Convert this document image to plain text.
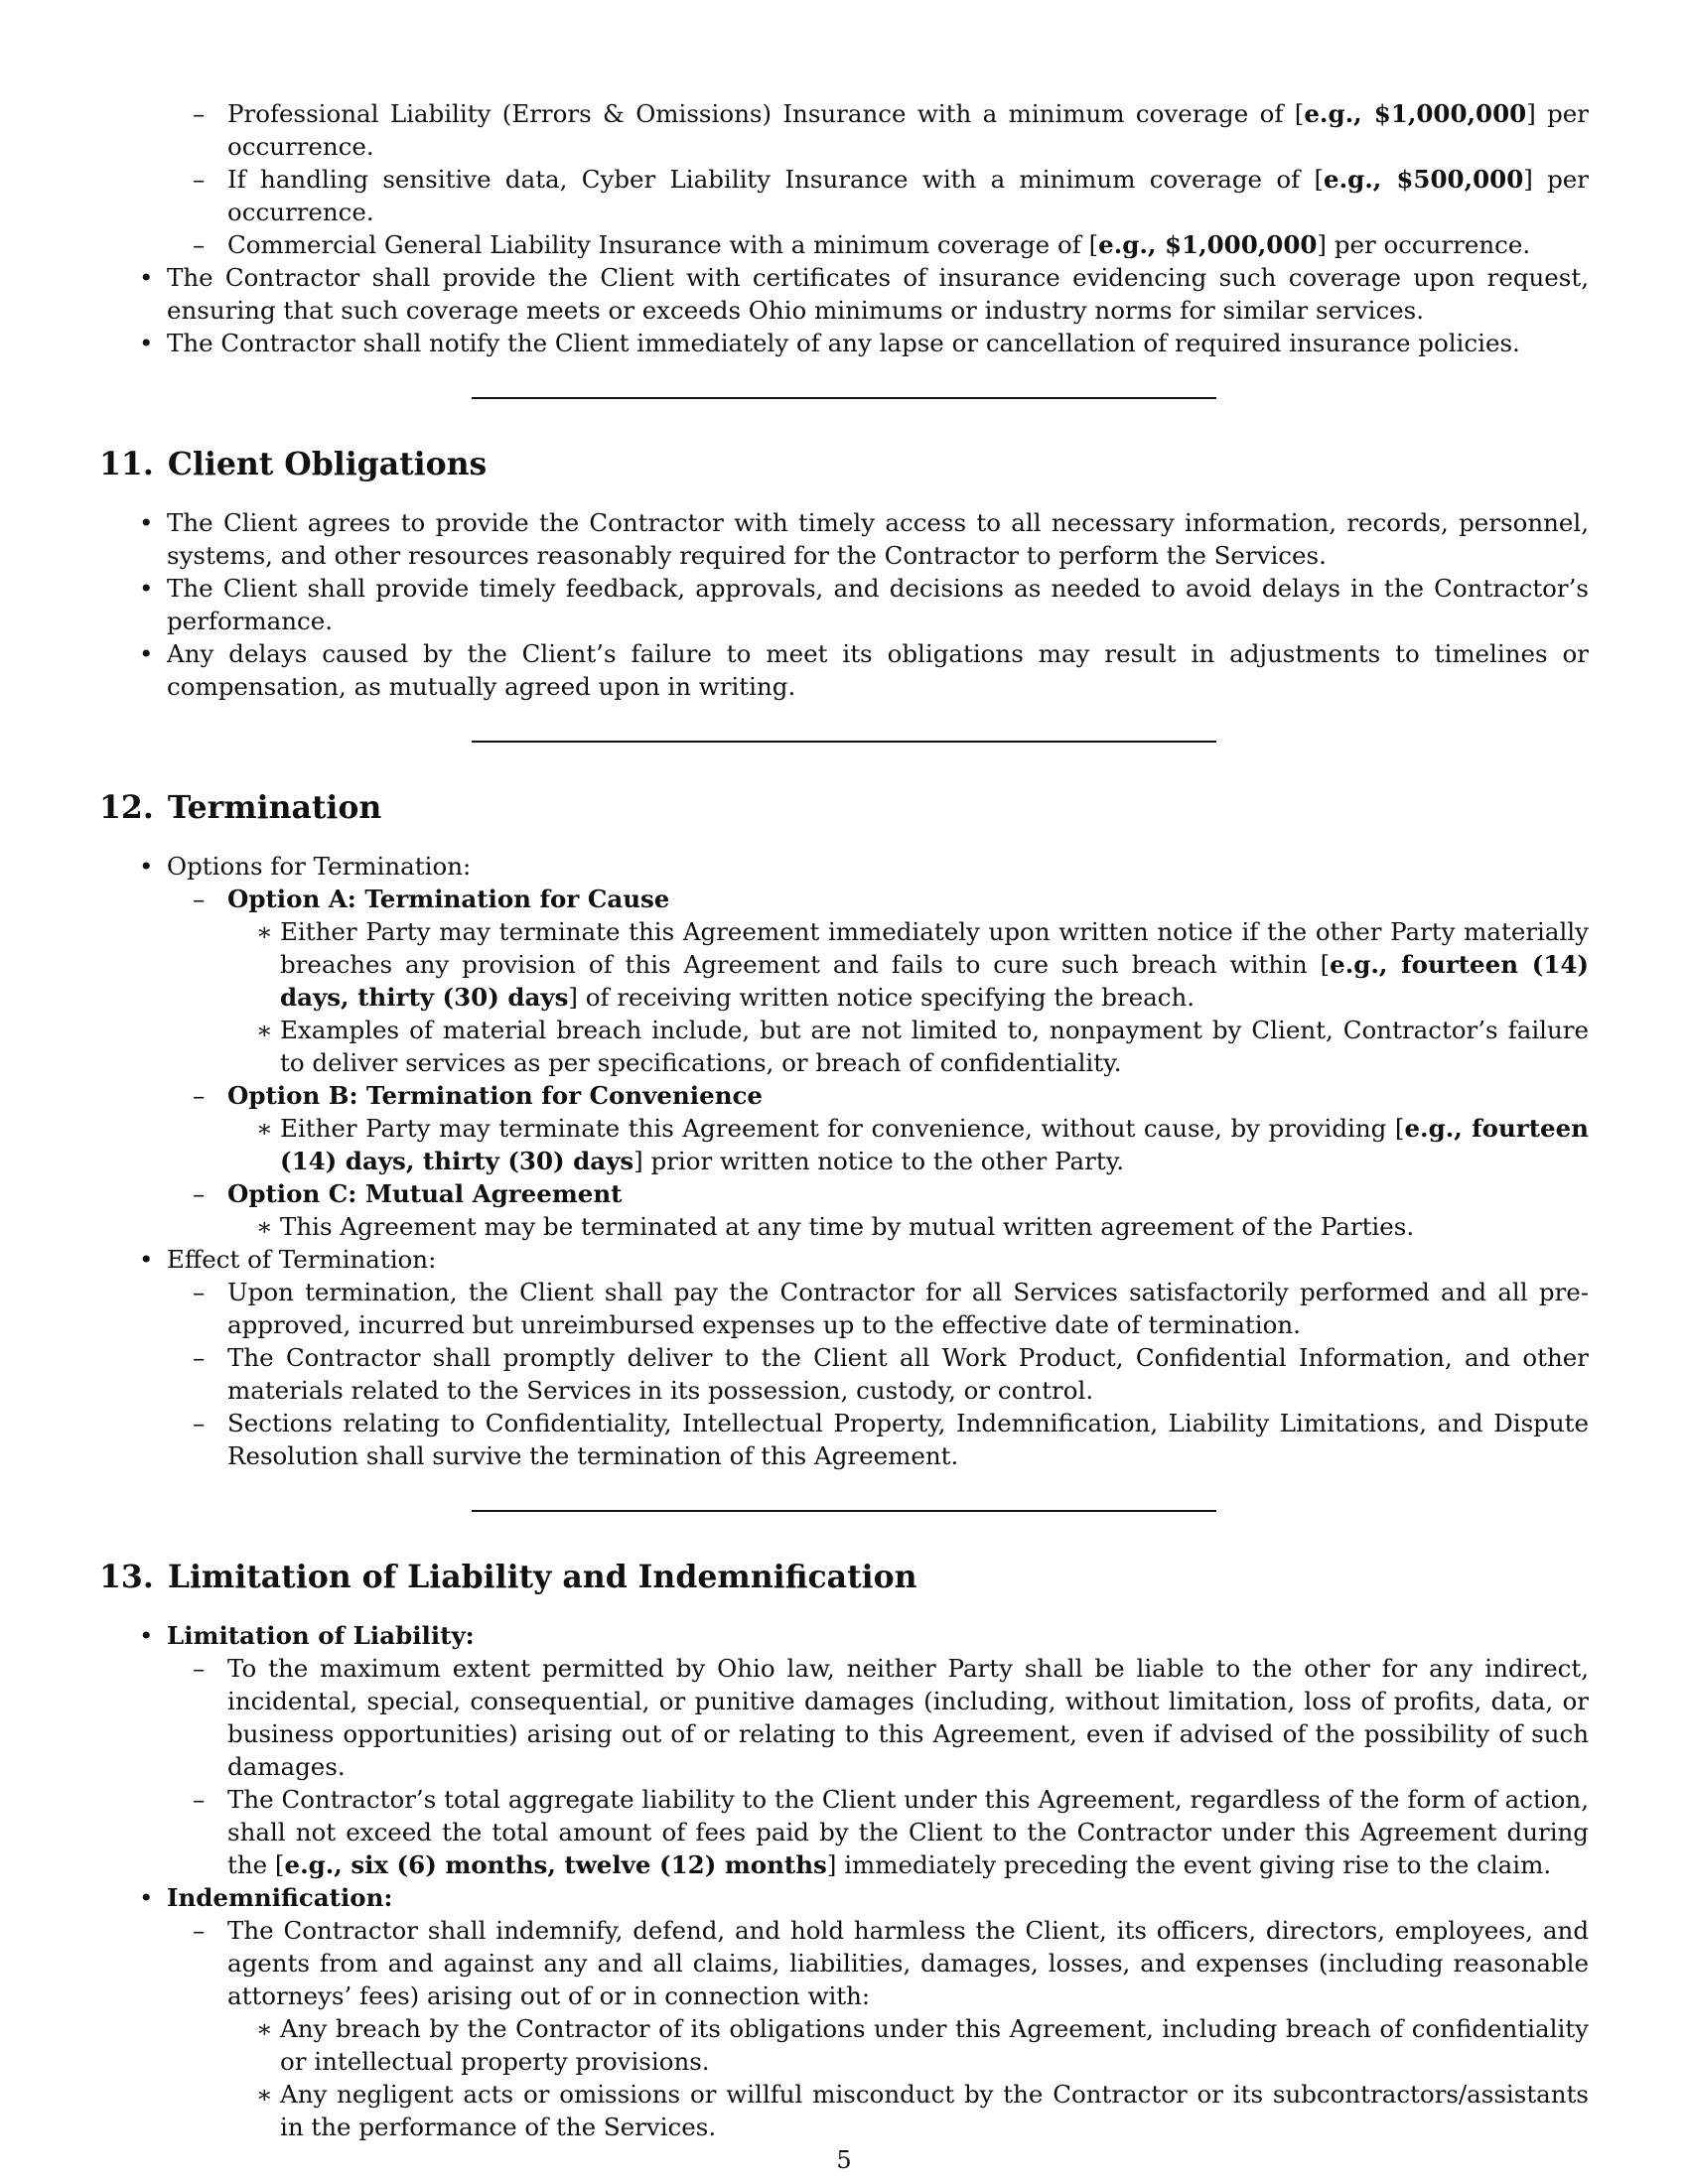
– Professional Liability (Errors & Omissions) Insurance with a minimum coverage of [e.g., $1,000,000] per occurrence.
– If handling sensitive data, Cyber Liability Insurance with a minimum coverage of [e.g., $500,000] per occurrence.
– Commercial General Liability Insurance with a minimum coverage of [e.g., $1,000,000] per occurrence.
• The Contractor shall provide the Client with certificates of insurance evidencing such coverage upon request, ensuring that such coverage meets or exceeds Ohio minimums or industry norms for similar services.
• The Contractor shall notify the Client immediately of any lapse or cancellation of required insurance policies.
11. Client Obligations
• The Client agrees to provide the Contractor with timely access to all necessary information, records, personnel, systems, and other resources reasonably required for the Contractor to perform the Services.
• The Client shall provide timely feedback, approvals, and decisions as needed to avoid delays in the Contractor’s performance.
• Any delays caused by the Client’s failure to meet its obligations may result in adjustments to timelines or compensation, as mutually agreed upon in writing.
12. Termination
• Options for Termination:
– Option A: Termination for Cause
∗ Either Party may terminate this Agreement immediately upon written notice if the other Party materially breaches any provision of this Agreement and fails to cure such breach within [e.g., fourteen (14) days, thirty (30) days] of receiving written notice specifying the breach.
∗ Examples of material breach include, but are not limited to, nonpayment by Client, Contractor’s failure to deliver services as per specifications, or breach of confidentiality.
– Option B: Termination for Convenience
∗ Either Party may terminate this Agreement for convenience, without cause, by providing [e.g., fourteen (14) days, thirty (30) days] prior written notice to the other Party.
– Option C: Mutual Agreement
∗ This Agreement may be terminated at any time by mutual written agreement of the Parties.
• Effect of Termination:
– Upon termination, the Client shall pay the Contractor for all Services satisfactorily performed and all pre-approved, incurred but unreimbursed expenses up to the effective date of termination.
– The Contractor shall promptly deliver to the Client all Work Product, Confidential Information, and other materials related to the Services in its possession, custody, or control.
– Sections relating to Confidentiality, Intellectual Property, Indemnification, Liability Limitations, and Dispute Resolution shall survive the termination of this Agreement.
13. Limitation of Liability and Indemnification
• Limitation of Liability:
– To the maximum extent permitted by Ohio law, neither Party shall be liable to the other for any indirect, incidental, special, consequential, or punitive damages (including, without limitation, loss of profits, data, or business opportunities) arising out of or relating to this Agreement, even if advised of the possibility of such damages.
– The Contractor’s total aggregate liability to the Client under this Agreement, regardless of the form of action, shall not exceed the total amount of fees paid by the Client to the Contractor under this Agreement during the [e.g., six (6) months, twelve (12) months] immediately preceding the event giving rise to the claim.
• Indemnification:
– The Contractor shall indemnify, defend, and hold harmless the Client, its officers, directors, employees, and agents from and against any and all claims, liabilities, damages, losses, and expenses (including reasonable attorneys’ fees) arising out of or in connection with:
∗ Any breach by the Contractor of its obligations under this Agreement, including breach of confidentiality or intellectual property provisions.
∗ Any negligent acts or omissions or willful misconduct by the Contractor or its subcontractors/assistants in the performance of the Services.
5
